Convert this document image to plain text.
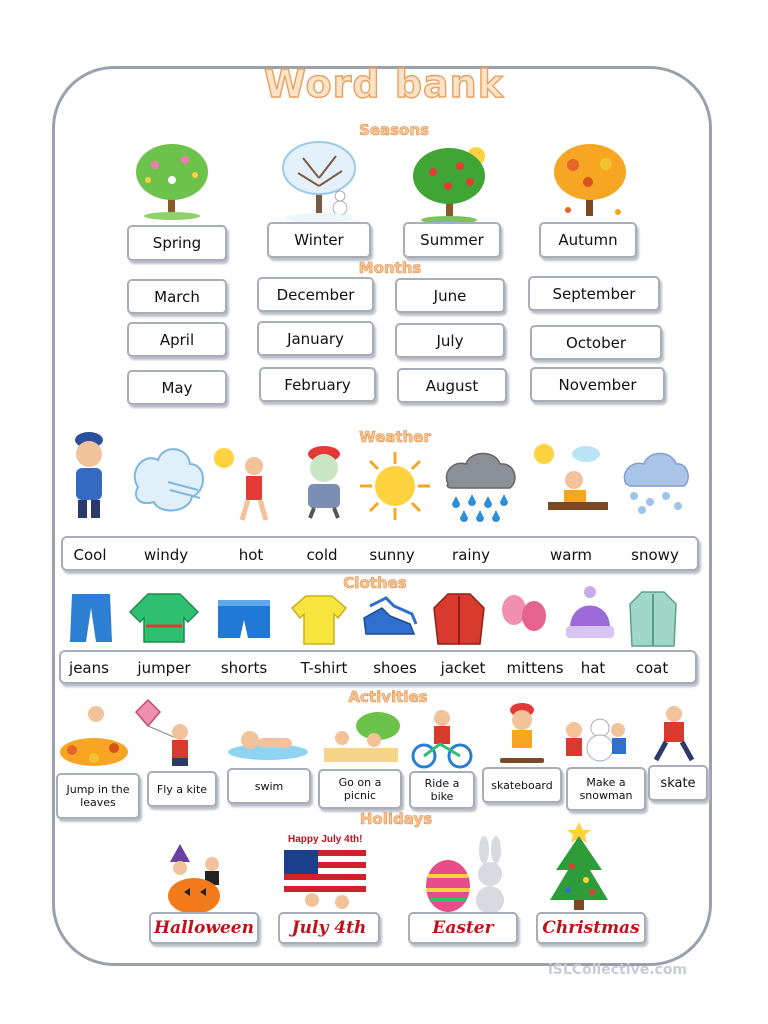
Word bank
Seasons
Spring	Winter	Summer	Autumn
Months
March	December	June	September
April	January	July	October
May	February	August	November
Weather
Cool windy	hot	cold sunny rainy	warm	snowy
Clothes
jeans jumper shorts T-shirt shoes jacket mittens hat coat
Activities
Jump in the leaves
Fly a kite	swim	Go on a picnic
Ride a bike
skateboard	Make a snowman
skate
Holidays
Happy July 4th!
Halloween	July 4th	Easter	Christmas
iSLCollective.com
